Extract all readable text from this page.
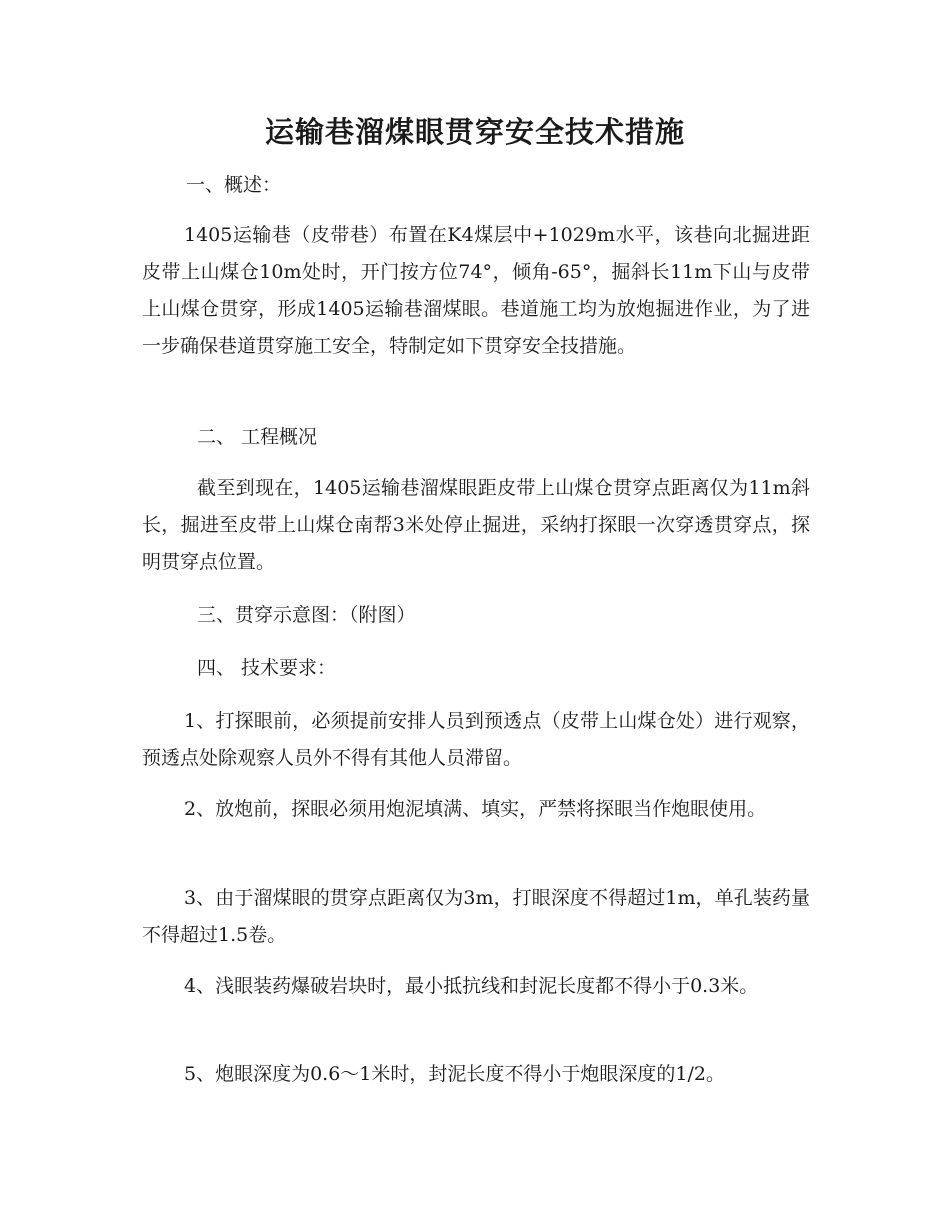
运输巷溜煤眼贯穿安全技术措施

一、概述：

1405运输巷（皮带巷）布置在K4煤层中+1029m水平，该巷向北掘进距皮带上山煤仓10m处时，开门按方位74°，倾角-65°，掘斜长11m下山与皮带上山煤仓贯穿，形成1405运输巷溜煤眼。巷道施工均为放炮掘进作业，为了进一步确保巷道贯穿施工安全，特制定如下贯穿安全技措施。

二、 工程概况

截至到现在，1405运输巷溜煤眼距皮带上山煤仓贯穿点距离仅为11m斜长，掘进至皮带上山煤仓南帮3米处停止掘进，采纳打探眼一次穿透贯穿点，探明贯穿点位置。

三、贯穿示意图：（附图）

四、 技术要求：

1、打探眼前，必须提前安排人员到预透点（皮带上山煤仓处）进行观察，预透点处除观察人员外不得有其他人员滞留。

2、放炮前，探眼必须用炮泥填满、填实，严禁将探眼当作炮眼使用。

3、由于溜煤眼的贯穿点距离仅为3m，打眼深度不得超过1m，单孔装药量不得超过1.5卷。

4、浅眼装药爆破岩块时，最小抵抗线和封泥长度都不得小于0.3米。

5、炮眼深度为0.6～1米时，封泥长度不得小于炮眼深度的1/2。
